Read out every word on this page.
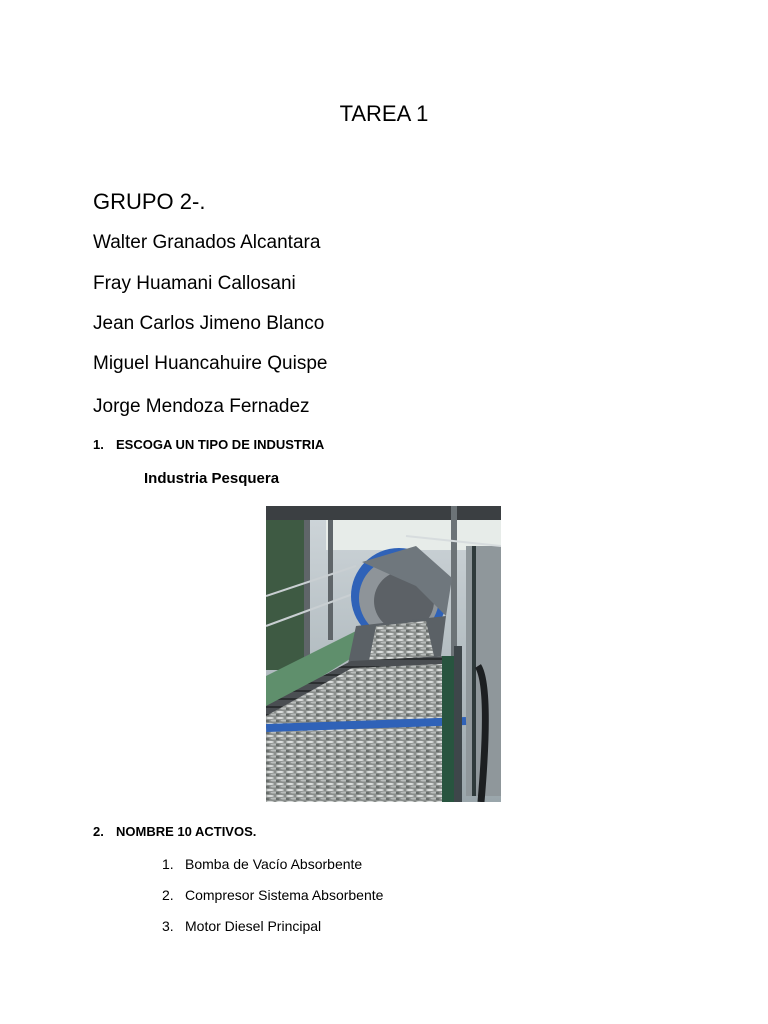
TAREA 1
GRUPO 2-.
Walter Granados Alcantara
Fray Huamani Callosani
Jean Carlos Jimeno Blanco
Miguel Huancahuire Quispe
Jorge Mendoza Fernadez
1. ESCOGA UN TIPO DE INDUSTRIA
Industria Pesquera
2. NOMBRE 10 ACTIVOS.
1. Bomba de Vacío Absorbente
2. Compresor Sistema Absorbente
3. Motor Diesel Principal
